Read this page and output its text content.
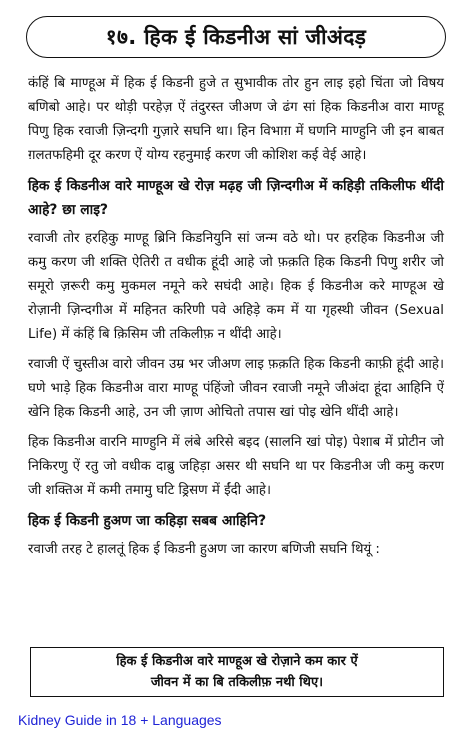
१७. हिक ई किडनीअ सां जीअंदड़

कंहिं बि माण्हूअ में हिक ई किडनी हुजे त सुभावीक तोर हुन लाइ इहो चिंता जो विषय बणिबो आहे। पर थोड़ी परहेज़ ऐं तंदुरस्त जीअण जे ढंग सां हिक किडनीअ वारा माण्हू पिणु हिक रवाजी ज़िन्दगी गुज़ारे सघनि था। हिन विभाग़ में घणनि माण्हुनि जी इन बाबत ग़लतफहिमी दूर करण ऐं योग्य रहनुमाई करण जी कोशिश कई वेई आहे।

हिक ई किडनीअ वारे माण्हूअ खे रोज़ मढ़ह जी ज़िन्दगीअ में कहिड़ी तकिलीफ थींदी आहे? छा लाइ?

रवाजी तोर हरहिकु माण्हू ब्रिनि किडनियुनि सां जन्म वठे थो। पर हरहिक किडनीअ जी कमु करण जी शक्ति ऐतिरी त वधीक हूंदी आहे जो फ़क़ति हिक किडनी पिणु शरीर जो समूरो ज़रूरी कमु मुकमल नमूने करे सघंदी आहे। हिक ई किडनीअ करे माण्हूअ खे रोज़ानी ज़िन्दगीअ में महिनत करिणी पवे अहिड़े कम में या गृहस्थी जीवन (Sexual Life) में कंहिं बि क़िसिम जी तकिलीफ़ न थींदी आहे।

रवाजी ऐं चुस्तीअ वारो जीवन उम्र भर जीअण लाइ फ़क़ति हिक किडनी काफ़ी हूंदी आहे। घणे भाड़े हिक किडनीअ वारा माण्हू पंहिंजो जीवन रवाजी नमूने जीअंदा हूंदा आहिनि ऐं खेनि हिक किडनी आहे, उन जी ज़ाण ओचितो तपास खां पोइ खेनि थींदी आहे।

हिक किडनीअ वारनि माण्हुनि में लंबे अरिसे बइद (सालनि खां पोइ) पेशाब में प्रोटीन जो निकिरणु ऐं रतु जो वधीक दाब्रु जहिड़ा असर थी सघनि था पर किडनीअ जी कमु करण जी शक्तिअ में कमी तमामु घटि ड्रिसण में ईंदी आहे।

हिक ई किडनी हुअण जा कहिड़ा सबब आहिनि?

रवाजी तरह टे हालतूं हिक ई किडनी हुअण जा कारण बणिजी सघनि थियूं :

हिक ई किडनीअ वारे माण्हूअ खे रोज़ाने कम कार ऐं
जीवन में का बि तकिलीफ़ नथी थिए।
Kidney Guide in 18 + Languages
